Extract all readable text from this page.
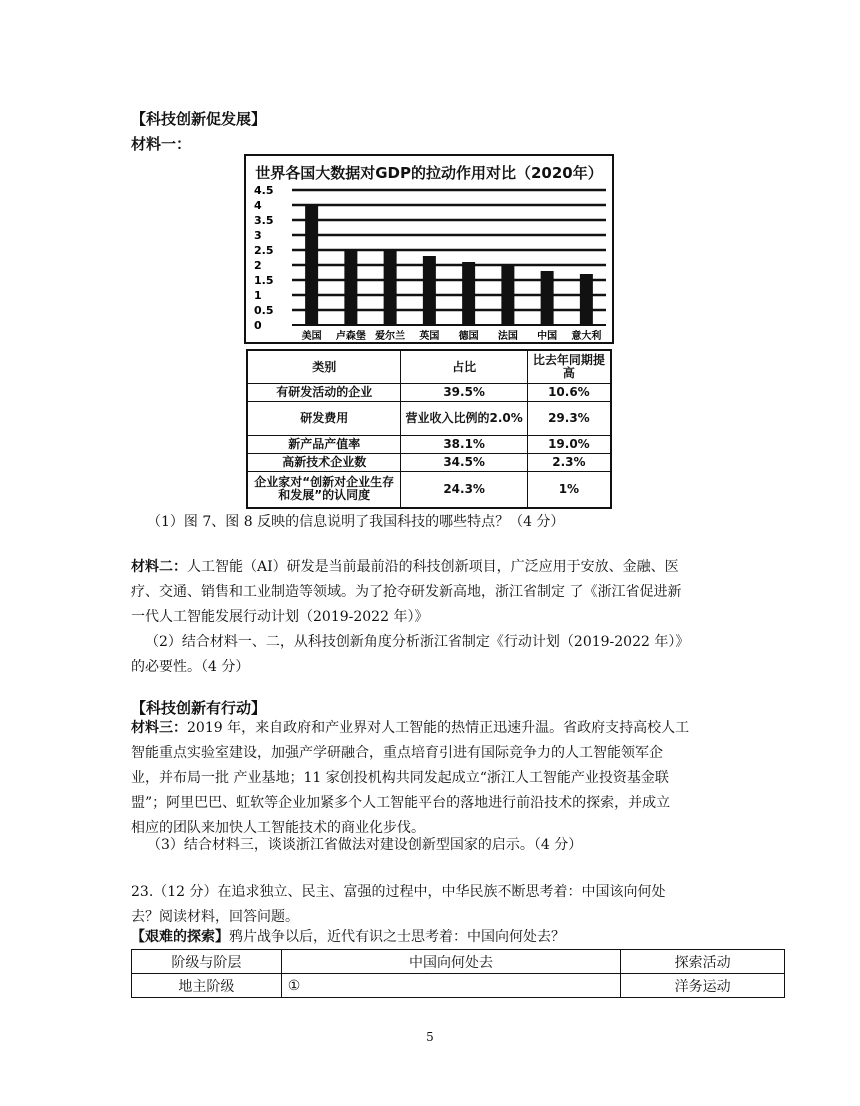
【科技创新促发展】
材料一：
世界各国大数据对GDP的拉动作用对比（2020年）
0
0.5
1
1.5
2
2.5
3
3.5
4
4.5
美国 卢森堡 爱尔兰 英国 德国 法国 中国 意大利
类别	占比	比去年同期提高
有研发活动的企业	39.5%	10.6%
研发费用	营业收入比例的2.0%	29.3%
新产品产值率	38.1%	19.0%
高新技术企业数	34.5%	2.3%
企业家对“创新对企业生存和发展”的认同度	24.3%	1%
（1）图 7、图 8 反映的信息说明了我国科技的哪些特点？（4 分）
材料二：人工智能（AI）研发是当前最前沿的科技创新项目，广泛应用于安放、金融、医
疗、交通、销售和工业制造等领域。为了抢夺研发新高地，浙江省制定 了《浙江省促进新
一代人工智能发展行动计划（2019-2022 年）》
（2）结合材料一、二，从科技创新角度分析浙江省制定《行动计划（2019-2022 年）》
的必要性。（4 分）
【科技创新有行动】
材料三：2019 年，来自政府和产业界对人工智能的热情正迅速升温。省政府支持高校人工
智能重点实验室建设，加强产学研融合，重点培育引进有国际竞争力的人工智能领军企
业，并布局一批 产业基地；11 家创投机构共同发起成立“浙江人工智能产业投资基金联
盟”；阿里巴巴、虹软等企业加紧多个人工智能平台的落地进行前沿技术的探索，并成立
相应的团队来加快人工智能技术的商业化步伐。
（3）结合材料三，谈谈浙江省做法对建设创新型国家的启示。（4 分）
23.（12 分）在追求独立、民主、富强的过程中，中华民族不断思考着：中国该向何处
去？阅读材料，回答问题。
【艰难的探索】鸦片战争以后，近代有识之士思考着：中国向何处去？
阶级与阶层	中国向何处去	探索活动
地主阶级	①	洋务运动
5
